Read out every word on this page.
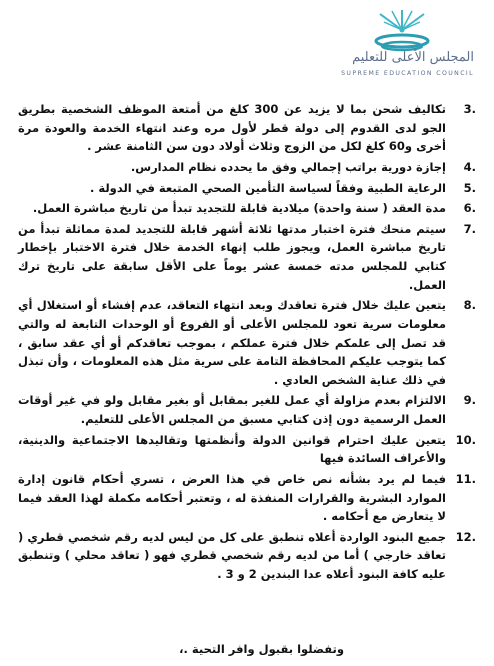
المجلس الأعلى للتعليم
SUPREME EDUCATION COUNCIL
3.
تكاليف شحن بما لا يزيد عن 300 كلغ من أمتعة الموظف الشخصية بطريق الجو لدى القدوم إلى دولة قطر لأول مره وعند انتهاء الخدمة والعودة مرة أخرى و60 كلغ لكل من الزوج وثلاث أولاد دون سن الثامنة عشر .
4.
إجازة دورية براتب إجمالي وفق ما يحدده نظام المدارس.
5.
الرعاية الطبية وفقاً لسياسة التأمين الصحي المتبعة في الدولة .
6.
مدة العقد ( سنة واحدة) ميلادية قابلة للتجديد تبدأ من تاريخ مباشرة العمل.
7.
سيتم منحك فترة اختبار مدتها ثلاثة أشهر قابلة للتجديد لمدة مماثلة تبدأ من تاريخ مباشرة العمل، ويجوز طلب إنهاء الخدمة خلال فترة الاختبار بإخطار كتابي للمجلس مدته خمسة عشر يوماً على الأقل سابقة على تاريخ ترك العمل.
8.
يتعين عليك خلال فترة تعاقدك وبعد انتهاء التعاقد، عدم إفشاء أو استغلال أي معلومات سرية تعود للمجلس الأعلى أو الفروع أو الوحدات التابعة له والتي قد تصل إلى علمكم خلال فترة عملكم ، بموجب تعاقدكم أو أي عقد سابق ، كما يتوجب عليكم المحافظة التامة على سرية مثل هذه المعلومات ، وأن تبذل في ذلك عناية الشخص العادي .
9.
الالتزام بعدم مزاولة أي عمل للغير بمقابل أو بغير مقابل ولو في غير أوقات العمل الرسمية دون إذن كتابي مسبق من المجلس الأعلى للتعليم.
10.
يتعين عليك احترام قوانين الدولة وأنظمتها وتقاليدها الاجتماعية والدينية، والأعراف السائدة فيها
11.
فيما لم يرد بشأنه نص خاص في هذا العرض ، تسري أحكام قانون إدارة الموارد البشرية والقرارات المنفذة له ، وتعتبر أحكامه مكملة لهذا العقد فيما لا يتعارض مع أحكامه .
12.
جميع البنود الواردة أعلاه تنطبق على كل من ليس لديه رقم شخصي قطري ( تعاقد خارجي ) أما من لديه رقم شخصي قطري فهو ( تعاقد محلي ) وتنطبق عليه كافة البنود أعلاه عدا البندين 2 و 3 .
وتفضلوا بقبول وافر التحية .،
